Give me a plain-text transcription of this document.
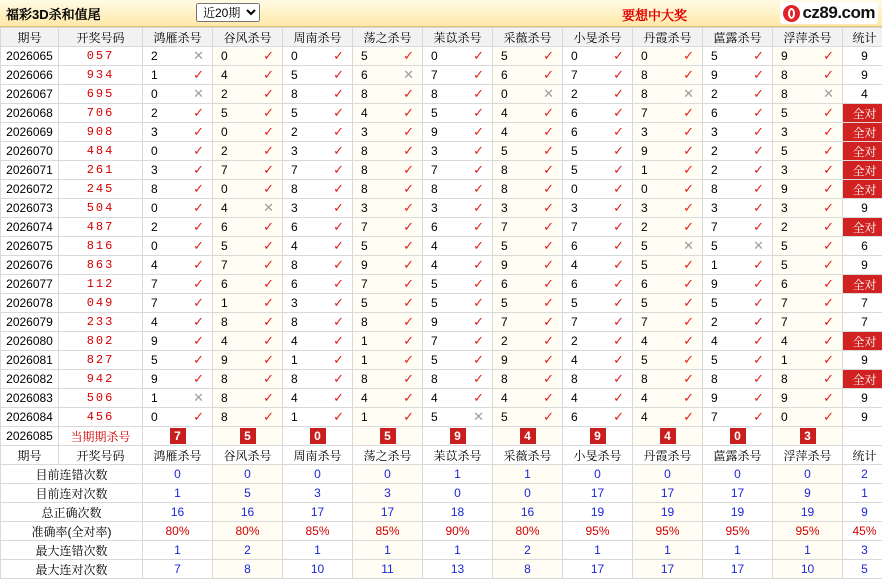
福彩3D杀和值尾
近20期	要想中大奖	cz89.com
期号	开奖号码	鸿雁杀号	谷风杀号	周南杀号	荡之杀号	苿苡杀号	采薇杀号	小旻杀号	丹霞杀号	蓲露杀号	浮萍杀号	统计
2026065	057	2 ✕	0 ✓	0 ✓	5 ✓	0 ✓	5 ✓	0 ✓	0 ✓	5 ✓	9 ✓	9
2026066	934	1 ✓	4 ✓	5 ✓	6 ✕	7 ✓	6 ✓	7 ✓	8 ✓	9 ✓	8 ✓	9
2026067	695	0 ✕	2 ✓	8 ✓	8 ✓	8 ✓	0 ✕	2 ✓	8 ✕	2 ✓	8 ✕	4
2026068	706	2 ✓	5 ✓	5 ✓	4 ✓	5 ✓	4 ✓	6 ✓	7 ✓	6 ✓	5 ✓	全对
2026069	908	3 ✓	0 ✓	2 ✓	3 ✓	9 ✓	4 ✓	6 ✓	3 ✓	3 ✓	3 ✓	全对
2026070	484	0 ✓	2 ✓	3 ✓	8 ✓	3 ✓	5 ✓	5 ✓	9 ✓	2 ✓	5 ✓	全对
2026071	261	3 ✓	7 ✓	7 ✓	8 ✓	7 ✓	8 ✓	5 ✓	1 ✓	2 ✓	3 ✓	全对
2026072	245	8 ✓	0 ✓	8 ✓	8 ✓	8 ✓	8 ✓	0 ✓	0 ✓	8 ✓	9 ✓	全对
2026073	504	0 ✓	4 ✕	3 ✓	3 ✓	3 ✓	3 ✓	3 ✓	3 ✓	3 ✓	3 ✓	9
2026074	487	2 ✓	6 ✓	6 ✓	7 ✓	6 ✓	7 ✓	7 ✓	2 ✓	7 ✓	2 ✓	全对
2026075	816	0 ✓	5 ✓	4 ✓	5 ✓	4 ✓	5 ✓	6 ✓	5 ✕	5 ✕	5 ✓	6
2026076	863	4 ✓	7 ✓	8 ✓	9 ✓	4 ✓	9 ✓	4 ✓	5 ✓	1 ✓	5 ✓	9
2026077	112	7 ✓	6 ✓	6 ✓	7 ✓	5 ✓	6 ✓	6 ✓	6 ✓	9 ✓	6 ✓	全对
2026078	049	7 ✓	1 ✓	3 ✓	5 ✓	5 ✓	5 ✓	5 ✓	5 ✓	5 ✓	7 ✓	7
2026079	233	4 ✓	8 ✓	8 ✓	8 ✓	9 ✓	7 ✓	7 ✓	7 ✓	2 ✓	7 ✓	7
2026080	802	9 ✓	4 ✓	4 ✓	1 ✓	7 ✓	2 ✓	2 ✓	4 ✓	4 ✓	4 ✓	全对
2026081	827	5 ✓	9 ✓	1 ✓	1 ✓	5 ✓	9 ✓	4 ✓	5 ✓	5 ✓	1 ✓	9
2026082	942	9 ✓	8 ✓	8 ✓	8 ✓	8 ✓	8 ✓	8 ✓	8 ✓	8 ✓	8 ✓	全对
2026083	506	1 ✕	8 ✓	4 ✓	4 ✓	4 ✓	4 ✓	4 ✓	4 ✓	9 ✓	9 ✓	9
2026084	456	0 ✓	8 ✓	1 ✓	1 ✓	5 ✕	5 ✓	6 ✓	4 ✓	7 ✓	0 ✓	9
2026085	当期期杀号	7	5	0	5	9	4	9	4	0	3	
期号	开奖号码	鸿雁杀号	谷风杀号	周南杀号	荡之杀号	苿苡杀号	采薇杀号	小旻杀号	丹霞杀号	蓲露杀号	浮萍杀号	统计
目前连错次数		0	0	0	0	1	1	0	0	0	0	2
目前连对次数		1	5	3	3	0	0	17	17	17	9	1
总正确次数		16	16	17	17	18	16	19	19	19	19	9
准确率(全对率)		80%	80%	85%	85%	90%	80%	95%	95%	95%	95%	45%
最大连错次数		1	2	1	1	1	2	1	1	1	1	3
最大连对次数		7	8	10	11	13	8	17	17	17	10	5
